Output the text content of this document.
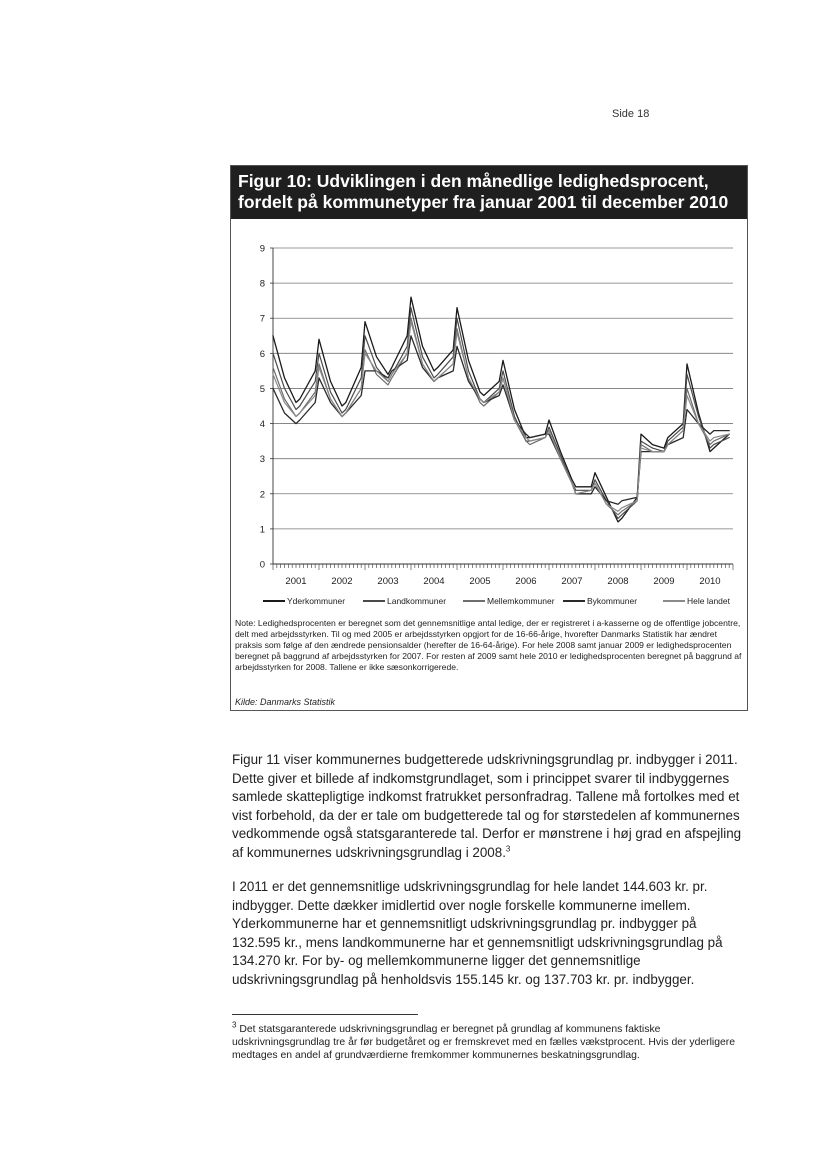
Side 18
Figur 10: Udviklingen i den månedlige ledighedsprocent, fordelt på kommunetyper fra januar 2001 til december 2010
0
1
2
3
4
5
6
7
8
9
2001	2002	2003	2004	2005	2006	2007	2008	2009	2010
Yderkommuner	Landkommuner	Mellemkommuner	Bykommuner	Hele landet
Note: Ledighedsprocenten er beregnet som det gennemsnitlige antal ledige, der er registreret i a-kasserne og de offentlige jobcentre, delt med arbejdsstyrken. Til og med 2005 er arbejdsstyrken opgjort for de 16-66-årige, hvorefter Danmarks Statistik har ændret praksis som følge af den ændrede pensionsalder (herefter de 16-64-årige). For hele 2008 samt januar 2009 er ledighedsprocenten beregnet på baggrund af arbejdsstyrken for 2007. For resten af 2009 samt hele 2010 er ledighedsprocenten beregnet på baggrund af arbejdsstyrken for 2008. Tallene er ikke sæsonkorrigerede.
Kilde: Danmarks Statistik
Figur 11 viser kommunernes budgetterede udskrivningsgrundlag pr. indbygger i 2011. Dette giver et billede af indkomstgrundlaget, som i princippet svarer til indbyggernes samlede skattepligtige indkomst fratrukket personfradrag. Tallene må fortolkes med et vist forbehold, da der er tale om budgetterede tal og for størstedelen af kommunernes vedkommende også statsgaranterede tal. Derfor er mønstrene i høj grad en afspejling af kommunernes udskrivningsgrundlag i 2008.$^3$
I 2011 er det gennemsnitlige udskrivningsgrundlag for hele landet 144.603 kr. pr. indbygger. Dette dækker imidlertid over nogle forskelle kommunerne imellem. Yderkommunerne har et gennemsnitligt udskrivningsgrundlag pr. indbygger på 132.595 kr., mens landkommunerne har et gennemsnitligt udskrivningsgrundlag på 134.270 kr. For by- og mellemkommunerne ligger det gennemsnitlige udskrivningsgrundlag på henholdsvis 155.145 kr. og 137.703 kr. pr. indbygger.
$^3$ Det statsgaranterede udskrivningsgrundlag er beregnet på grundlag af kommunens faktiske udskrivningsgrundlag tre år før budgetåret og er fremskrevet med en fælles vækstprocent. Hvis der yderligere medtages en andel af grundværdierne fremkommer kommunernes beskatningsgrundlag.
